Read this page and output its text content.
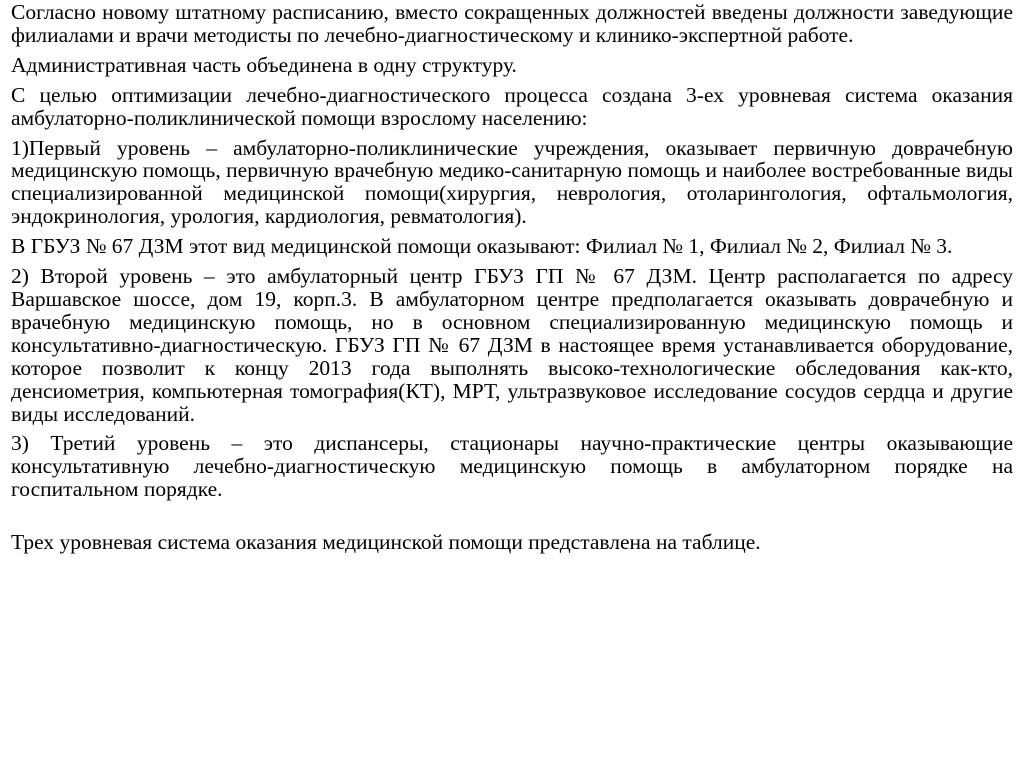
Согласно новому штатному расписанию, вместо сокращенных должностей введены должности заведующие филиалами и врачи методисты по лечебно-диагностическому и клинико-экспертной работе.

Административная часть объединена в одну структуру.

С целью оптимизации лечебно-диагностического процесса создана 3-ех уровневая система оказания амбулаторно-поликлинической помощи взрослому населению:

1)Первый уровень – амбулаторно-поликлинические учреждения, оказывает первичную доврачебную медицинскую помощь, первичную врачебную медико-санитарную помощь и наиболее востребованные виды специализированной медицинской помощи(хирургия, неврология, отоларингология, офтальмология, эндокринология, урология, кардиология, ревматология).

В ГБУЗ № 67 ДЗМ этот вид медицинской помощи оказывают: Филиал № 1, Филиал № 2, Филиал № 3.

2) Второй уровень – это амбулаторный центр ГБУЗ ГП № 67 ДЗМ. Центр располагается по адресу Варшавское шоссе, дом 19, корп.3. В амбулаторном центре предполагается оказывать доврачебную и врачебную медицинскую помощь, но в основном специализированную медицинскую помощь и консультативно-диагностическую. ГБУЗ ГП № 67 ДЗМ в настоящее время устанавливается оборудование, которое позволит к концу 2013 года выполнять высоко-технологические обследования как-кто, денсиометрия, компьютерная томография(КТ), МРТ, ультразвуковое исследование сосудов сердца и другие виды исследований.

3) Третий уровень – это диспансеры, стационары научно-практические центры оказывающие консультативную лечебно-диагностическую медицинскую помощь в амбулаторном порядке на госпитальном порядке.

Трех уровневая система оказания медицинской помощи представлена на таблице.
